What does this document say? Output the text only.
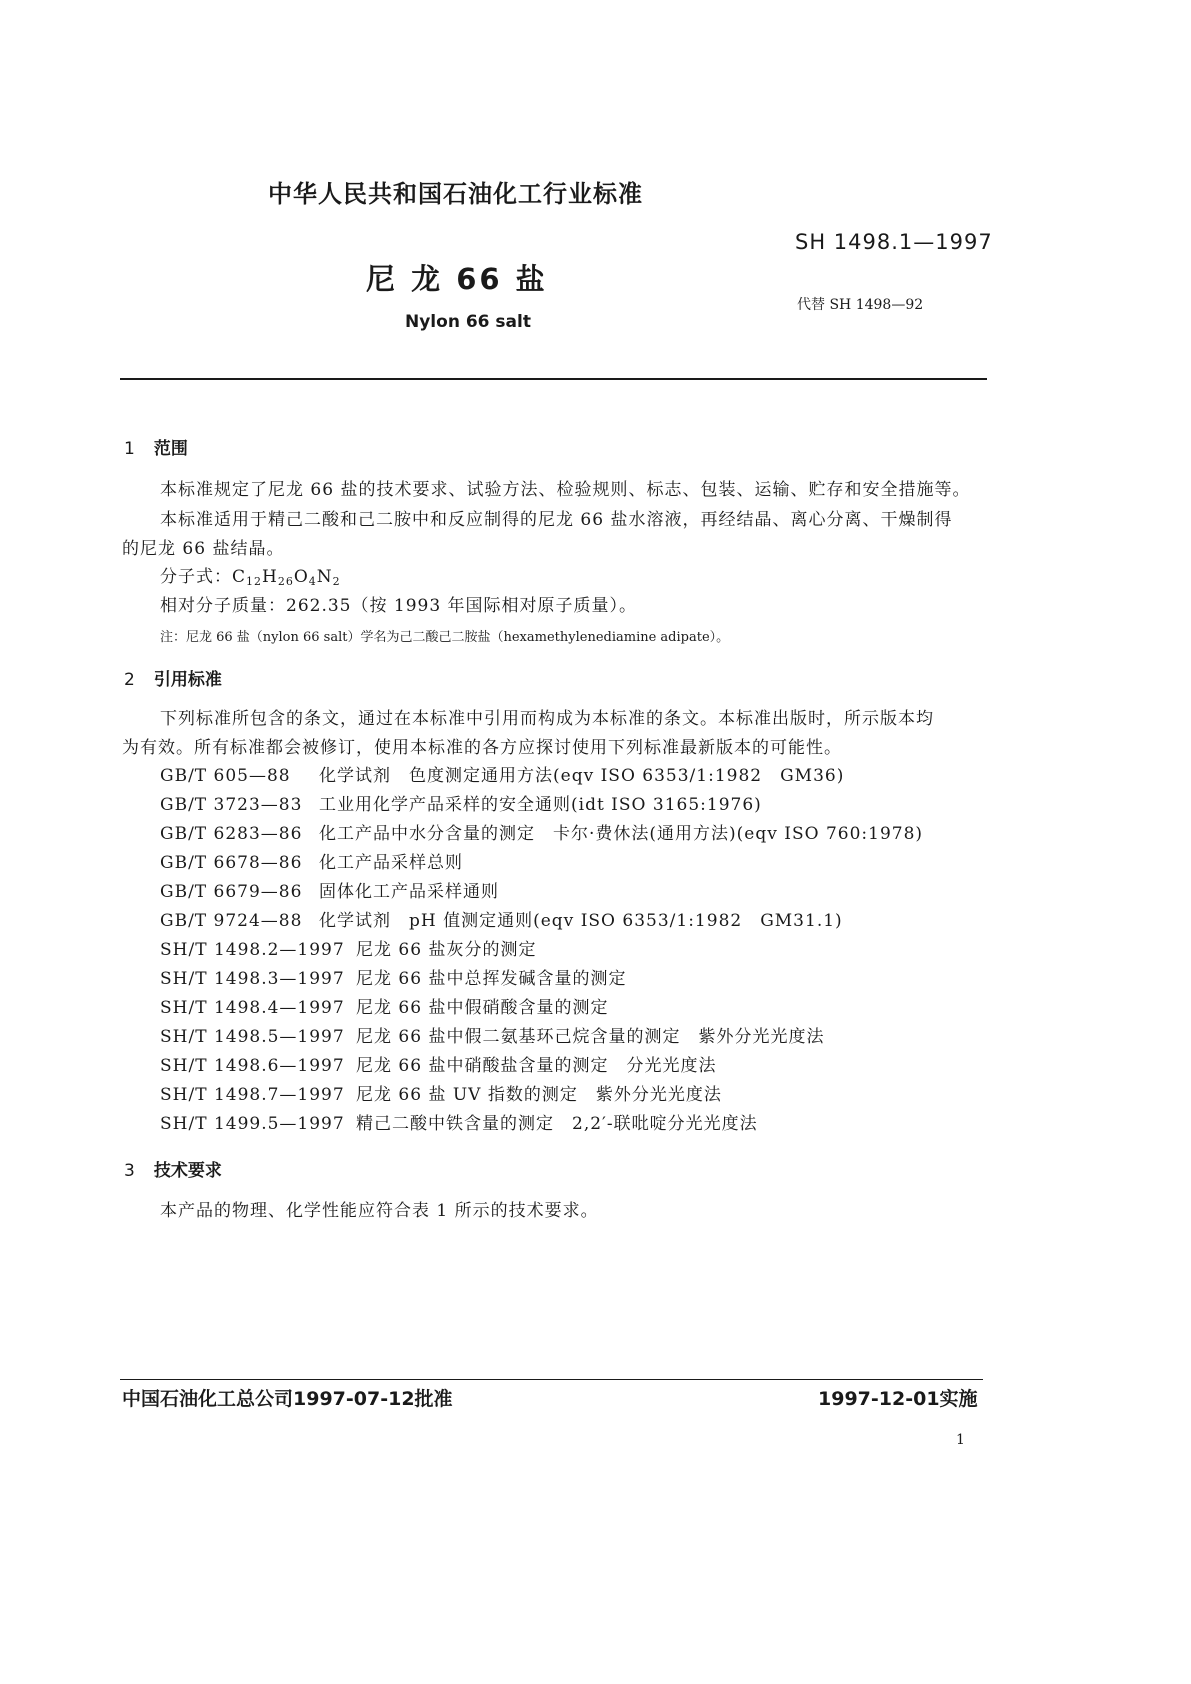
中华人民共和国石油化工行业标准
SH 1498.1—1997
尼 龙 66 盐
代替 SH 1498—92
Nylon 66 salt
1 范围
本标准规定了尼龙 66 盐的技术要求、试验方法、检验规则、标志、包装、运输、贮存和安全措施等。
本标准适用于精己二酸和己二胺中和反应制得的尼龙 66 盐水溶液，再经结晶、离心分离、干燥制得
的尼龙 66 盐结晶。
分子式：$C_{12}H_{26}O_4N_2$
相对分子质量：262.35（按 1993 年国际相对原子质量）。
注：尼龙 66 盐（nylon 66 salt）学名为己二酸己二胺盐（hexamethylenediamine adipate）。
2 引用标准
下列标准所包含的条文，通过在本标准中引用而构成为本标准的条文。本标准出版时，所示版本均
为有效。所有标准都会被修订，使用本标准的各方应探讨使用下列标准最新版本的可能性。
GB/T 605—88 化学试剂　色度测定通用方法(eqv ISO 6353/1:1982　GM36)
GB/T 3723—83 工业用化学产品采样的安全通则(idt ISO 3165:1976)
GB/T 6283—86 化工产品中水分含量的测定　卡尔·费休法(通用方法)(eqv ISO 760:1978)
GB/T 6678—86 化工产品采样总则
GB/T 6679—86 固体化工产品采样通则
GB/T 9724—88 化学试剂　pH 值测定通则(eqv ISO 6353/1:1982　GM31.1)
SH/T 1498.2—1997 尼龙 66 盐灰分的测定
SH/T 1498.3—1997 尼龙 66 盐中总挥发碱含量的测定
SH/T 1498.4—1997 尼龙 66 盐中假硝酸含量的测定
SH/T 1498.5—1997 尼龙 66 盐中假二氨基环己烷含量的测定　紫外分光光度法
SH/T 1498.6—1997 尼龙 66 盐中硝酸盐含量的测定　分光光度法
SH/T 1498.7—1997 尼龙 66 盐 UV 指数的测定　紫外分光光度法
SH/T 1499.5—1997 精己二酸中铁含量的测定　2,2′-联吡啶分光光度法
3 技术要求
本产品的物理、化学性能应符合表 1 所示的技术要求。
中国石油化工总公司1997-07-12批准	1997-12-01实施
1
